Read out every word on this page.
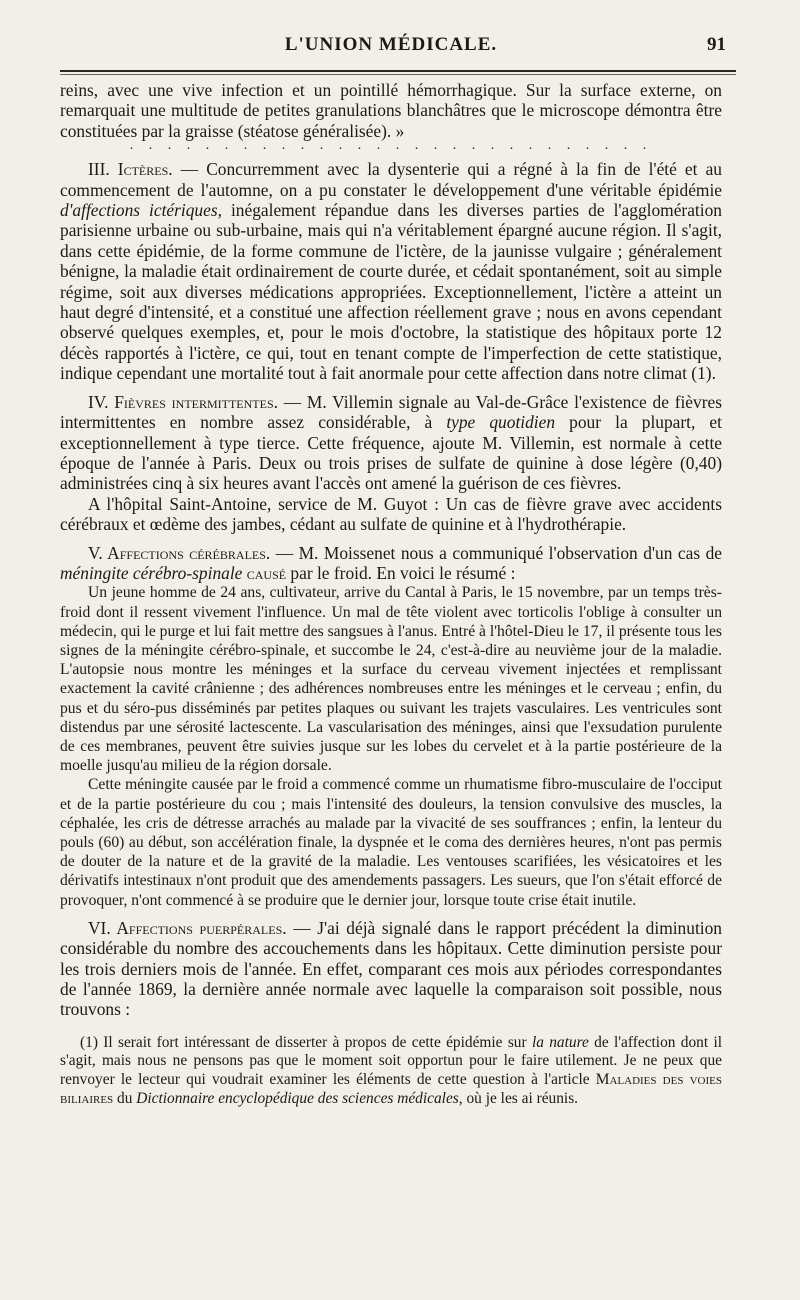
L'UNION MÉDICALE.	91

reins, avec une vive infection et un pointillé hémorrhagique. Sur la surface externe, on remarquait une multitude de petites granulations blanchâtres que le microscope démontra être constituées par la graisse (stéatose généralisée). »

. . . . . . . . . . . . . . . . . . . . . . . . . . . .

III. Ictères. — Concurremment avec la dysenterie qui a régné à la fin de l'été et au commencement de l'automne, on a pu constater le développement d'une véritable épidémie d'affections ictériques, inégalement répandue dans les diverses parties de l'agglomération parisienne urbaine ou sub-urbaine, mais qui n'a véritablement épargné aucune région. Il s'agit, dans cette épidémie, de la forme commune de l'ictère, de la jaunisse vulgaire ; généralement bénigne, la maladie était ordinairement de courte durée, et cédait spontanément, soit au simple régime, soit aux diverses médications appropriées. Exceptionnellement, l'ictère a atteint un haut degré d'intensité, et a constitué une affection réellement grave ; nous en avons cependant observé quelques exemples, et, pour le mois d'octobre, la statistique des hôpitaux porte 12 décès rapportés à l'ictère, ce qui, tout en tenant compte de l'imperfection de cette statistique, indique cependant une mortalité tout à fait anormale pour cette affection dans notre climat (1).

IV. Fièvres intermittentes. — M. Villemin signale au Val-de-Grâce l'existence de fièvres intermittentes en nombre assez considérable, à type quotidien pour la plupart, et exceptionnellement à type tierce. Cette fréquence, ajoute M. Villemin, est normale à cette époque de l'année à Paris. Deux ou trois prises de sulfate de quinine à dose légère (0,40) administrées cinq à six heures avant l'accès ont amené la guérison de ces fièvres.

A l'hôpital Saint-Antoine, service de M. Guyot : Un cas de fièvre grave avec accidents cérébraux et œdème des jambes, cédant au sulfate de quinine et à l'hydrothérapie.

V. Affections cérébrales. — M. Moissenet nous a communiqué l'observation d'un cas de méningite cérébro-spinale causé par le froid. En voici le résumé :

Un jeune homme de 24 ans, cultivateur, arrive du Cantal à Paris, le 15 novembre, par un temps très-froid dont il ressent vivement l'influence. Un mal de tête violent avec torticolis l'oblige à consulter un médecin, qui le purge et lui fait mettre des sangsues à l'anus. Entré à l'hôtel-Dieu le 17, il présente tous les signes de la méningite cérébro-spinale, et succombe le 24, c'est-à-dire au neuvième jour de la maladie. L'autopsie nous montre les méninges et la surface du cerveau vivement injectées et remplissant exactement la cavité crânienne ; des adhérences nombreuses entre les méninges et le cerveau ; enfin, du pus et du séro-pus disséminés par petites plaques ou suivant les trajets vasculaires. Les ventricules sont distendus par une sérosité lactescente. La vascularisation des méninges, ainsi que l'exsudation purulente de ces membranes, peuvent être suivies jusque sur les lobes du cervelet et à la partie postérieure de la moelle jusqu'au milieu de la région dorsale.

Cette méningite causée par le froid a commencé comme un rhumatisme fibro-musculaire de l'occiput et de la partie postérieure du cou ; mais l'intensité des douleurs, la tension convulsive des muscles, la céphalée, les cris de détresse arrachés au malade par la vivacité de ses souffrances ; enfin, la lenteur du pouls (60) au début, son accélération finale, la dyspnée et le coma des dernières heures, n'ont pas permis de douter de la nature et de la gravité de la maladie. Les ventouses scarifiées, les vésicatoires et les dérivatifs intestinaux n'ont produit que des amendements passagers. Les sueurs, que l'on s'était efforcé de provoquer, n'ont commencé à se produire que le dernier jour, lorsque toute crise était inutile.

VI. Affections puerpérales. — J'ai déjà signalé dans le rapport précédent la diminution considérable du nombre des accouchements dans les hôpitaux. Cette diminution persiste pour les trois derniers mois de l'année. En effet, comparant ces mois aux périodes correspondantes de l'année 1869, la dernière année normale avec laquelle la comparaison soit possible, nous trouvons :

(1) Il serait fort intéressant de disserter à propos de cette épidémie sur la nature de l'affection dont il s'agit, mais nous ne pensons pas que le moment soit opportun pour le faire utilement. Je ne peux que renvoyer le lecteur qui voudrait examiner les éléments de cette question à l'article Maladies des voies biliaires du Dictionnaire encyclopédique des sciences médicales, où je les ai réunis.
